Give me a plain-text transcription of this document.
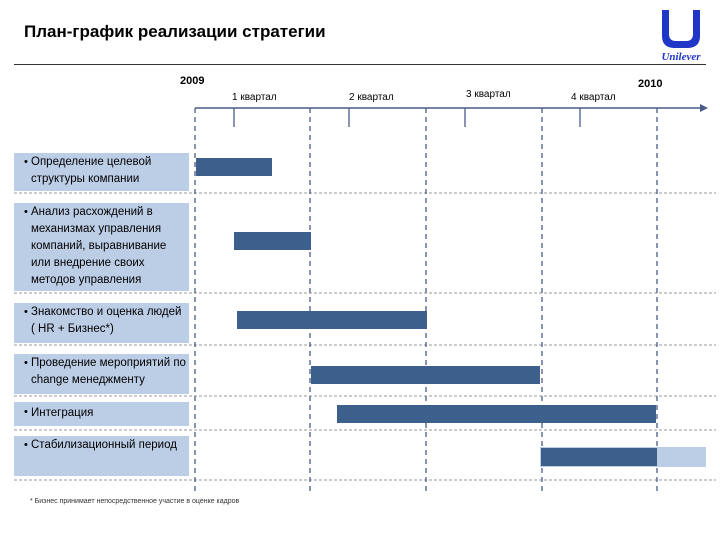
План-график реализации стратегии
Unilever
2009	2010
1 квартал	2 квартал	3 квартал	4 квартал
• Определение целевой структуры компании
• Анализ расхождений в механизмах управления компаний, выравнивание или внедрение своих методов управления
• Знакомство и оценка людей ( HR + Бизнес*)
• Проведение мероприятий по change менеджменту
• Интеграция
• Стабилизационный период
* Бизнес принимает непосредственное участие в оценке кадров
